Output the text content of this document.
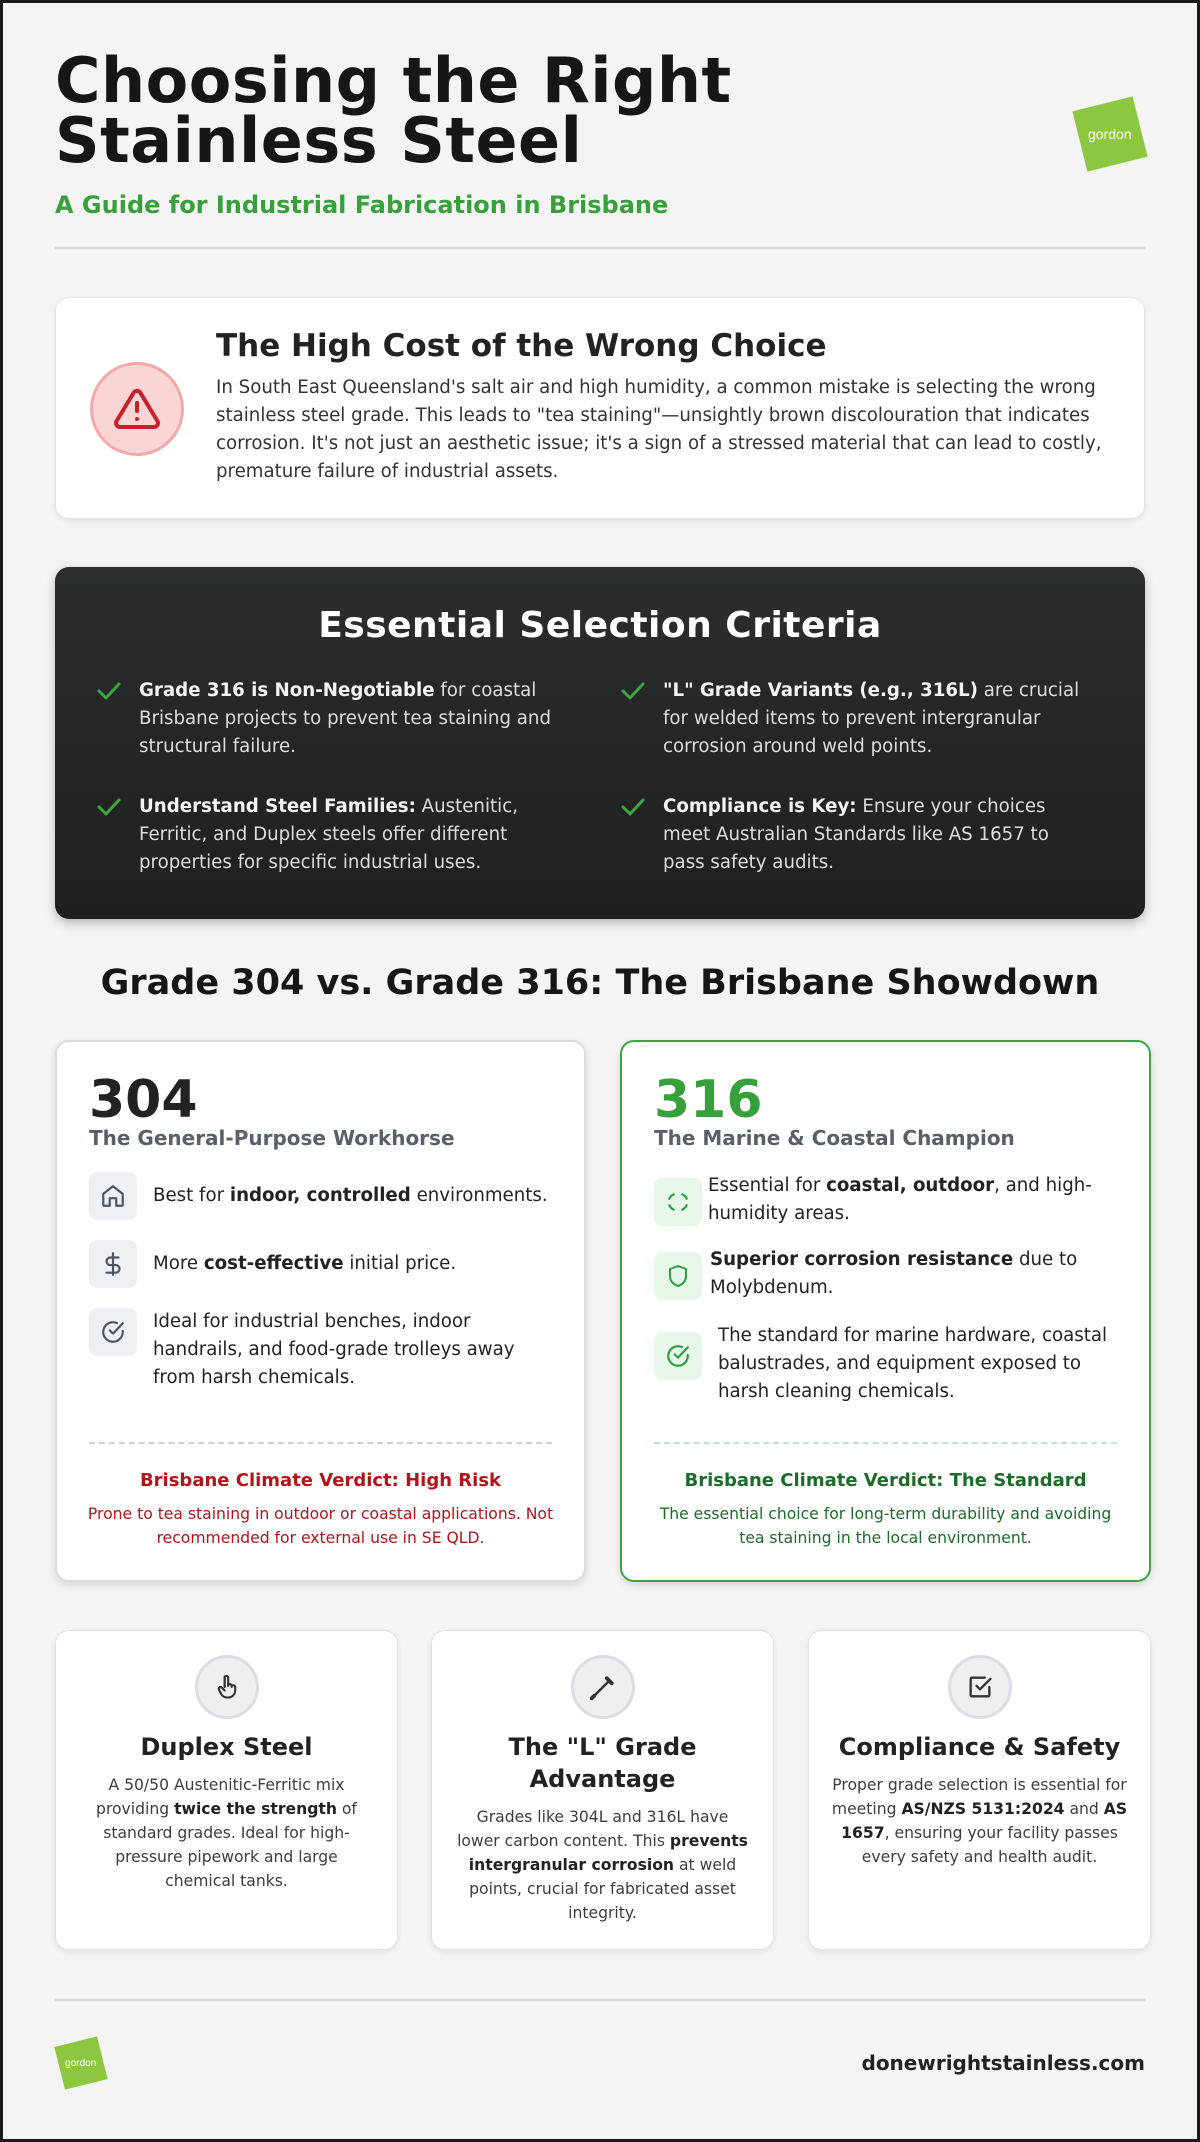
Choosing the Right Stainless Steel
A Guide for Industrial Fabrication in Brisbane
gordon
The High Cost of the Wrong Choice

In South East Queensland's salt air and high humidity, a common mistake is selecting the wrong stainless steel grade. This leads to "tea staining"—unsightly brown discolouration that indicates corrosion. It's not just an aesthetic issue; it's a sign of a stressed material that can lead to costly, premature failure of industrial assets.

Essential Selection Criteria
Grade 316 is Non-Negotiable for coastal Brisbane projects to prevent tea staining and structural failure.
"L" Grade Variants (e.g., 316L) are crucial for welded items to prevent intergranular corrosion around weld points.
Understand Steel Families: Austenitic, Ferritic, and Duplex steels offer different properties for specific industrial uses.
Compliance is Key: Ensure your choices meet Australian Standards like AS 1657 to pass safety audits.
Grade 304 vs. Grade 316: The Brisbane Showdown
304
The General-Purpose Workhorse
Best for indoor, controlled environments.
More cost-effective initial price.
Ideal for industrial benches, indoor handrails, and food-grade trolleys away from harsh chemicals.
Brisbane Climate Verdict: High Risk
Prone to tea staining in outdoor or coastal applications. Not recommended for external use in SE QLD.
316
The Marine & Coastal Champion
Essential for coastal, outdoor, and high-humidity areas.
Superior corrosion resistance due to Molybdenum.
The standard for marine hardware, coastal balustrades, and equipment exposed to harsh cleaning chemicals.
Brisbane Climate Verdict: The Standard
The essential choice for long-term durability and avoiding tea staining in the local environment.
Duplex Steel

A 50/50 Austenitic-Ferritic mix providing twice the strength of standard grades. Ideal for high-pressure pipework and large chemical tanks.

The "L" Grade Advantage

Grades like 304L and 316L have lower carbon content. This prevents intergranular corrosion at weld points, crucial for fabricated asset integrity.

Compliance & Safety

Proper grade selection is essential for meeting AS/NZS 5131:2024 and AS 1657, ensuring your facility passes every safety and health audit.

gordon	donewrightstainless.com
